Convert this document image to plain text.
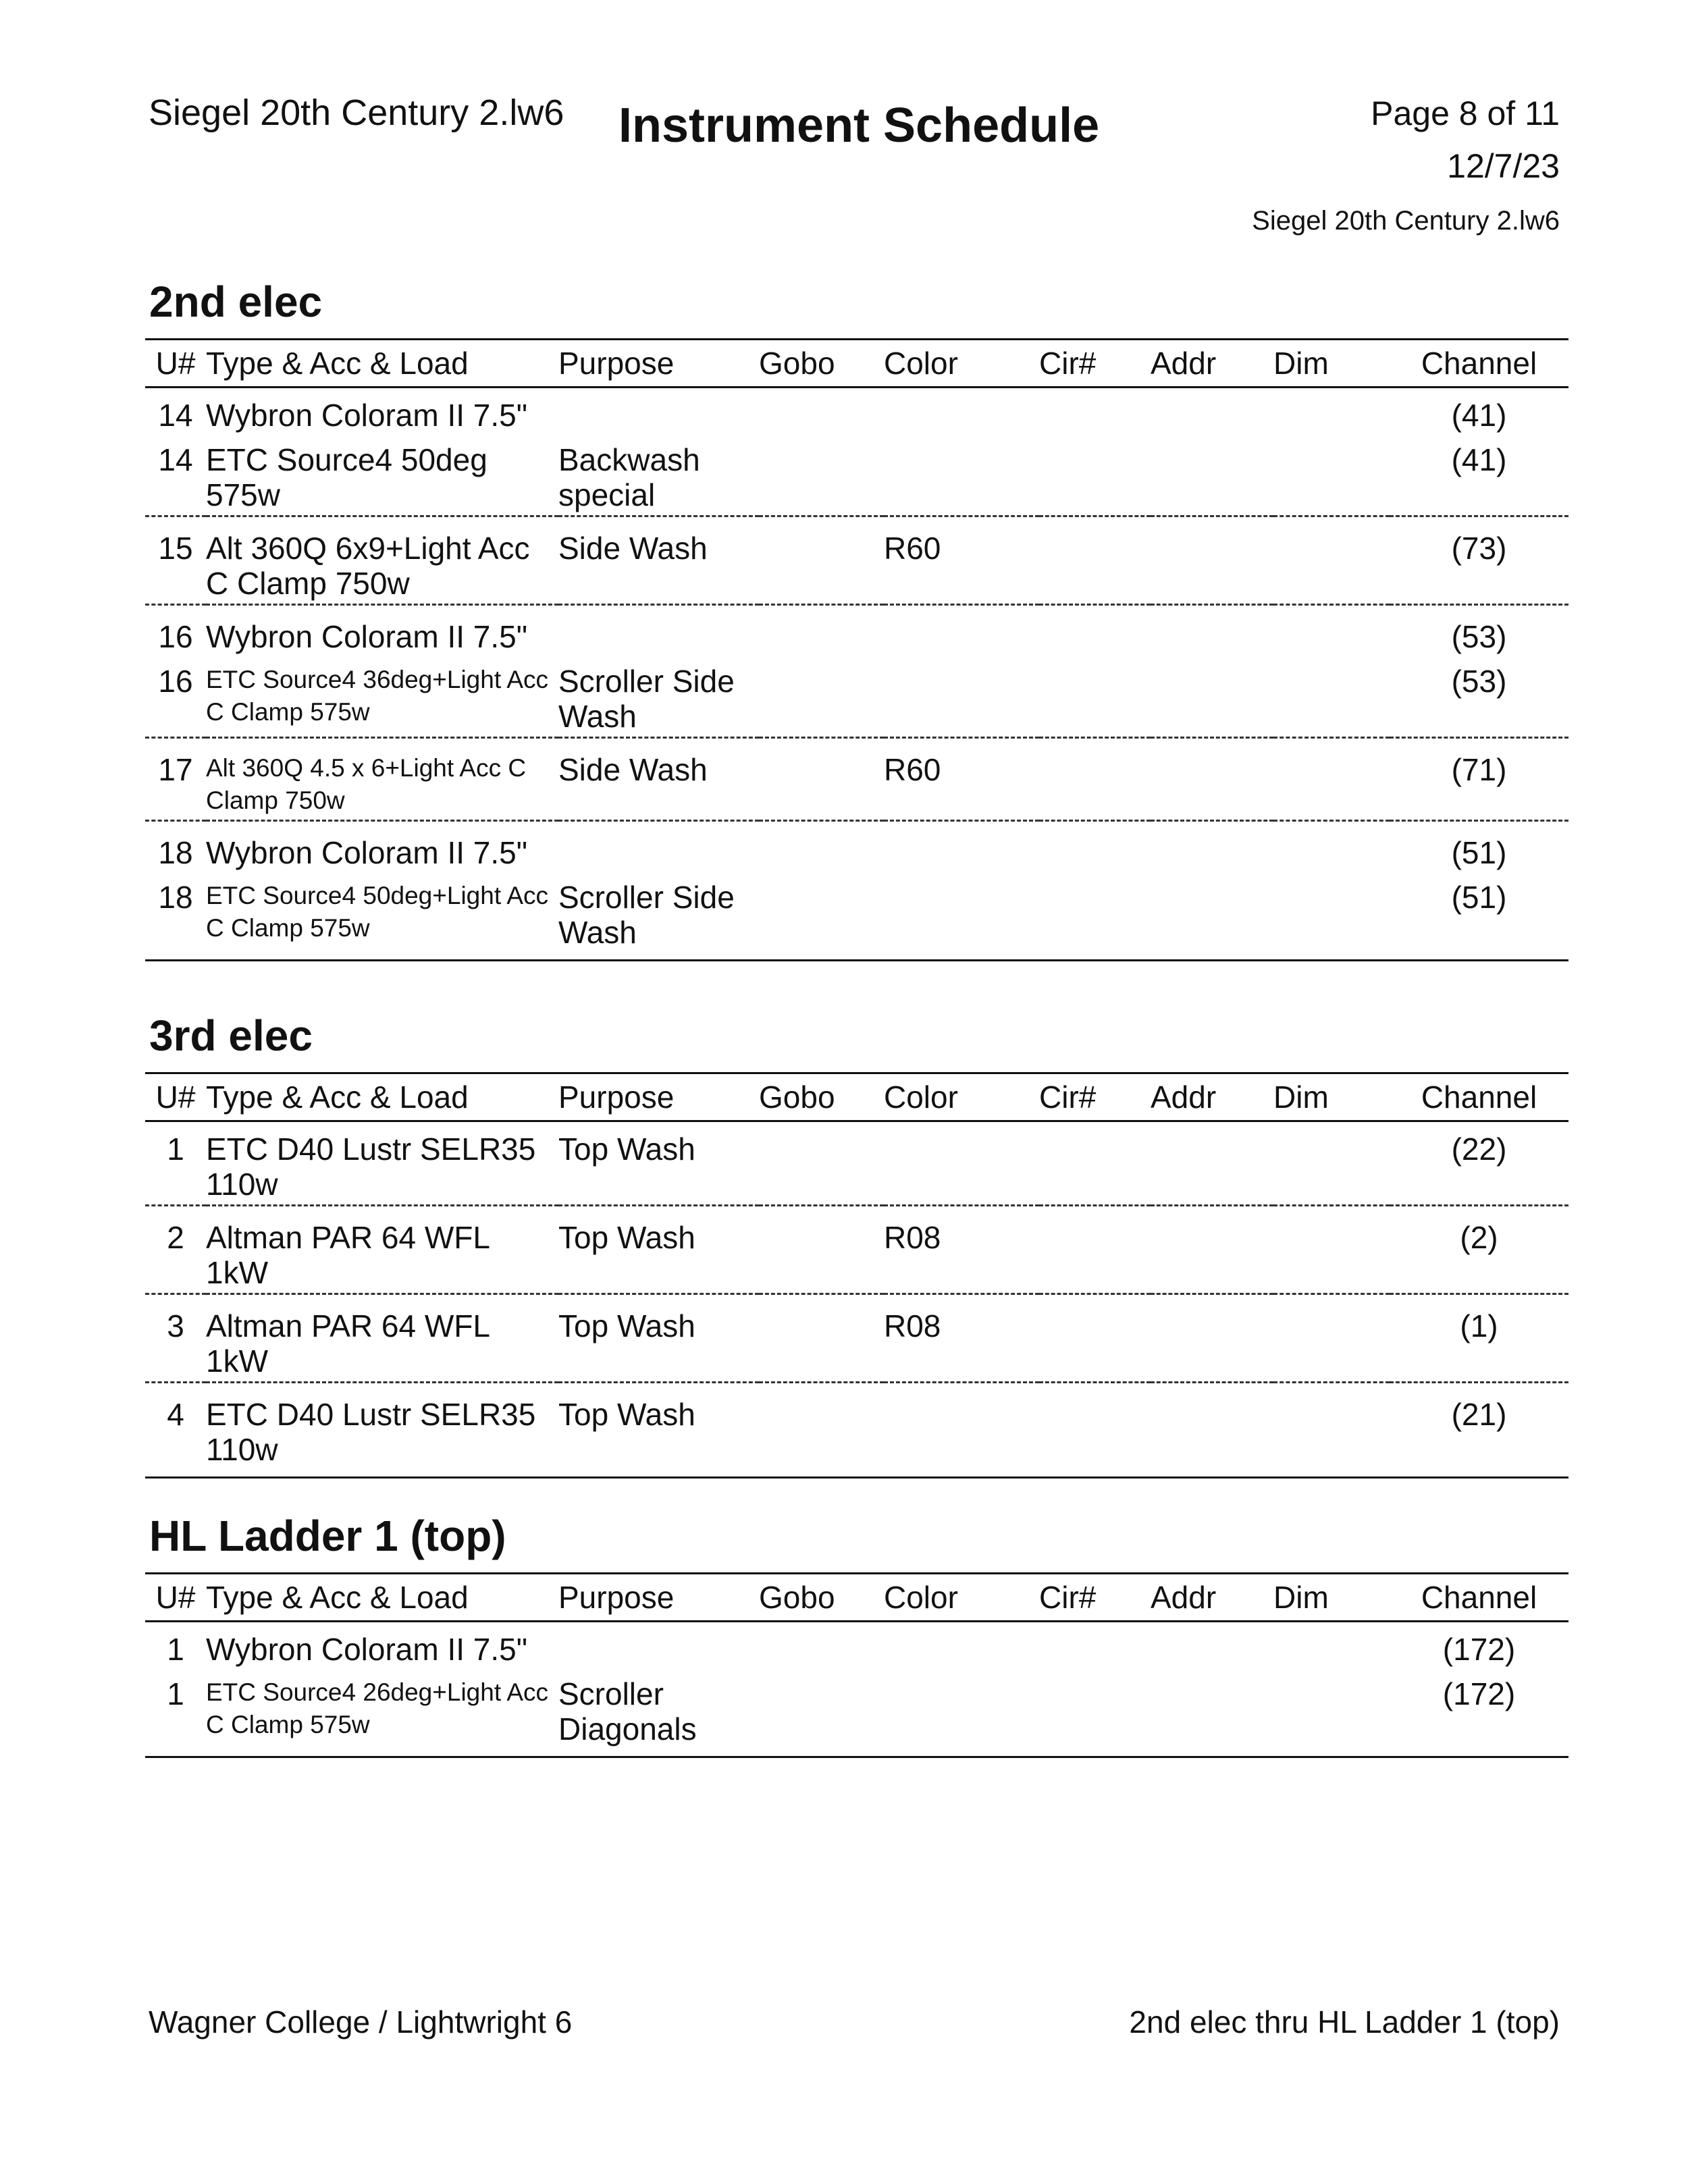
Siegel 20th Century 2.lw6 Instrument Schedule	Page 8 of 11
12/7/23
Siegel 20th Century 2.lw6
2nd elec
U#	Type & Acc & Load	Purpose	Gobo	Color	Cir#	Addr	Dim	Channel
14	Wybron Coloram II 7.5"							(41)
14	ETC Source4 50deg 575w	Backwash special						(41)
15	Alt 360Q 6x9+Light Acc C Clamp 750w	Side Wash		R60				(73)
16	Wybron Coloram II 7.5"							(53)
16	ETC Source4 36deg+Light Acc C Clamp 575w	Scroller Side Wash						(53)
17	Alt 360Q 4.5 x 6+Light Acc C Clamp 750w	Side Wash		R60				(71)
18	Wybron Coloram II 7.5"							(51)
18	ETC Source4 50deg+Light Acc C Clamp 575w	Scroller Side Wash						(51)
3rd elec
U#	Type & Acc & Load	Purpose	Gobo	Color	Cir#	Addr	Dim	Channel
1	ETC D40 Lustr SELR35 110w	Top Wash						(22)
2	Altman PAR 64 WFL 1kW	Top Wash		R08				(2)
3	Altman PAR 64 WFL 1kW	Top Wash		R08				(1)
4	ETC D40 Lustr SELR35 110w	Top Wash						(21)
HL Ladder 1 (top)
U#	Type & Acc & Load	Purpose	Gobo	Color	Cir#	Addr	Dim	Channel
1	Wybron Coloram II 7.5"							(172)
1	ETC Source4 26deg+Light Acc C Clamp 575w	Scroller Diagonals						(172)
Wagner College / Lightwright 6	2nd elec thru HL Ladder 1 (top)
